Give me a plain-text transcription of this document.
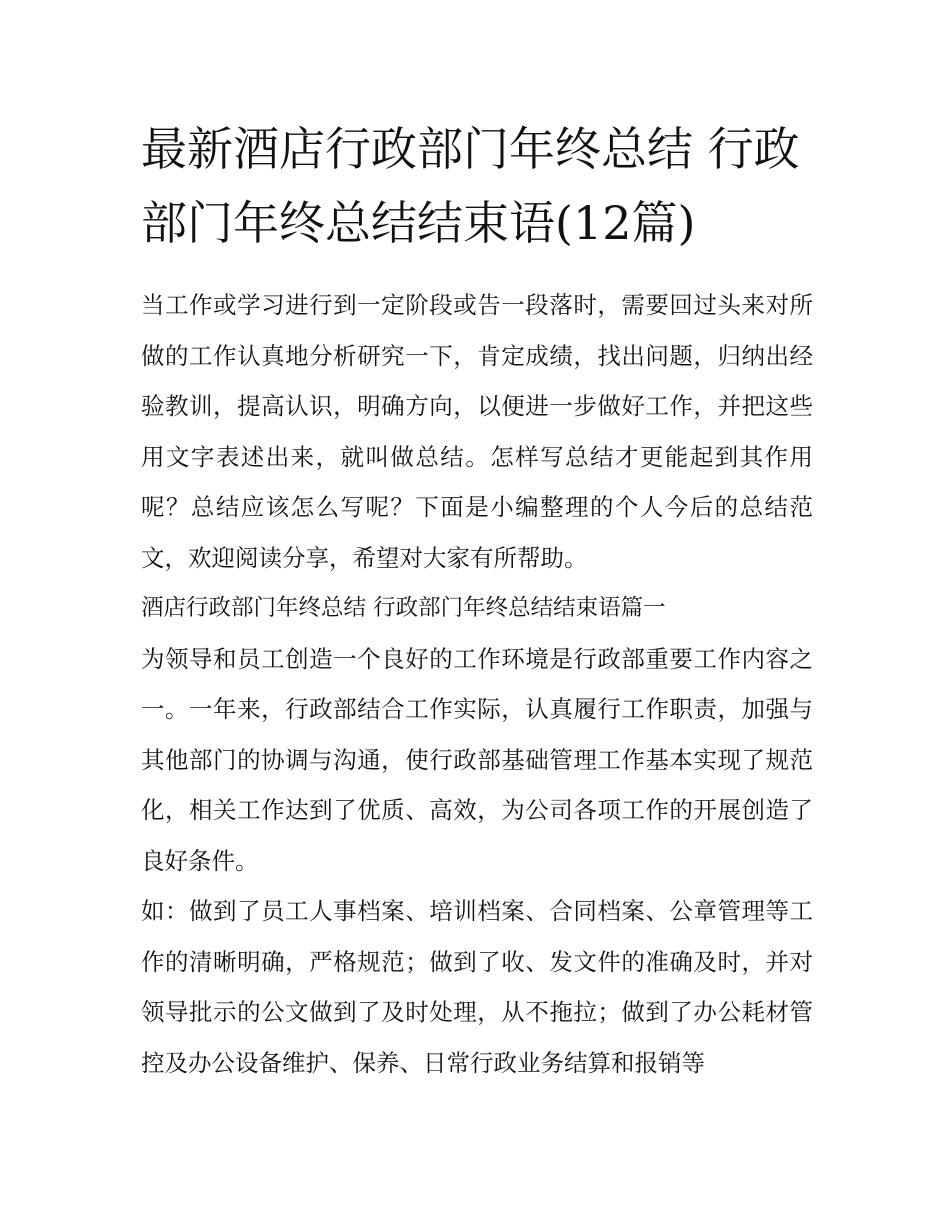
最新酒店行政部门年终总结 行政部门年终总结结束语(12篇)

当工作或学习进行到一定阶段或告一段落时，需要回过头来对所做的工作认真地分析研究一下，肯定成绩，找出问题，归纳出经验教训，提高认识，明确方向，以便进一步做好工作，并把这些用文字表述出来，就叫做总结。怎样写总结才更能起到其作用呢？总结应该怎么写呢？下面是小编整理的个人今后的总结范文，欢迎阅读分享，希望对大家有所帮助。

酒店行政部门年终总结 行政部门年终总结结束语篇一

为领导和员工创造一个良好的工作环境是行政部重要工作内容之一。一年来，行政部结合工作实际，认真履行工作职责，加强与其他部门的协调与沟通，使行政部基础管理工作基本实现了规范化，相关工作达到了优质、高效，为公司各项工作的开展创造了良好条件。

如：做到了员工人事档案、培训档案、合同档案、公章管理等工作的清晰明确，严格规范；做到了收、发文件的准确及时，并对领导批示的公文做到了及时处理，从不拖拉；做到了办公耗材管控及办公设备维护、保养、日常行政业务结算和报销等
